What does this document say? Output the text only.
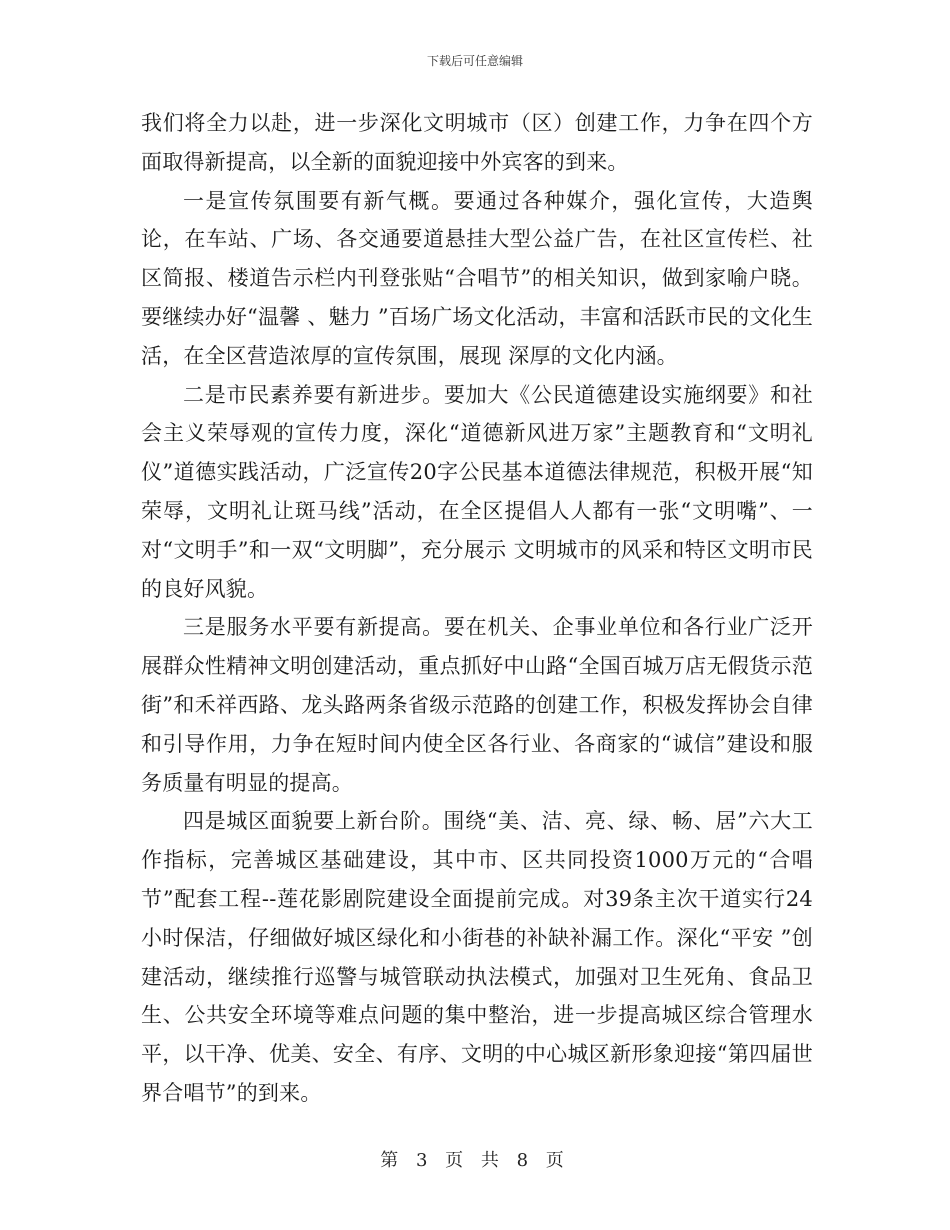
下载后可任意编辑

我们将全力以赴，进一步深化文明城市（区）创建工作，力争在四个方面取得新提高，以全新的面貌迎接中外宾客的到来。

一是宣传氛围要有新气概。要通过各种媒介，强化宣传，大造舆论，在车站、广场、各交通要道悬挂大型公益广告，在社区宣传栏、社区简报、楼道告示栏内刊登张贴“合唱节”的相关知识，做到家喻户晓。要继续办好“温馨 、魅力 ”百场广场文化活动，丰富和活跃市民的文化生活，在全区营造浓厚的宣传氛围，展现 深厚的文化内涵。

二是市民素养要有新进步。要加大《公民道德建设实施纲要》和社会主义荣辱观的宣传力度，深化“道德新风进万家”主题教育和“文明礼仪”道德实践活动，广泛宣传20字公民基本道德法律规范，积极开展“知荣辱，文明礼让斑马线”活动，在全区提倡人人都有一张“文明嘴”、一对“文明手”和一双“文明脚”，充分展示 文明城市的风采和特区文明市民的良好风貌。

三是服务水平要有新提高。要在机关、企事业单位和各行业广泛开展群众性精神文明创建活动，重点抓好中山路“全国百城万店无假货示范街”和禾祥西路、龙头路两条省级示范路的创建工作，积极发挥协会自律和引导作用，力争在短时间内使全区各行业、各商家的“诚信”建设和服务质量有明显的提高。

四是城区面貌要上新台阶。围绕“美、洁、亮、绿、畅、居”六大工作指标，完善城区基础建设，其中市、区共同投资1000万元的“合唱节”配套工程--莲花影剧院建设全面提前完成。对39条主次干道实行24小时保洁，仔细做好城区绿化和小街巷的补缺补漏工作。深化“平安 ”创建活动，继续推行巡警与城管联动执法模式，加强对卫生死角、食品卫生、公共安全环境等难点问题的集中整治，进一步提高城区综合管理水平，以干净、优美、安全、有序、文明的中心城区新形象迎接“第四届世界合唱节”的到来。

第 3 页 共 8 页
